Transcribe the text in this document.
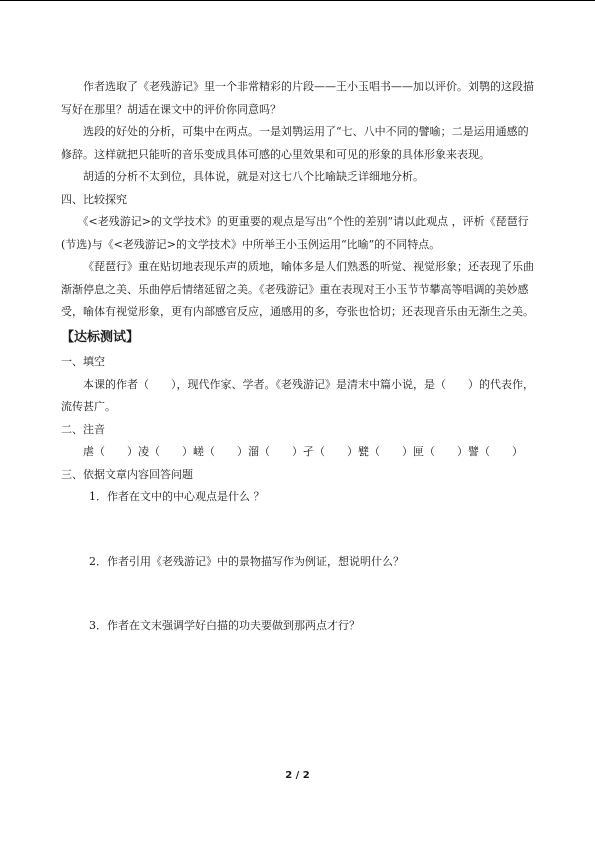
作者选取了《老残游记》里一个非常精彩的片段——王小玉唱书——加以评价。刘鹗的这段描写好在那里？胡适在课文中的评价你同意吗？

选段的好处的分析，可集中在两点。一是刘鹗运用了“七、八中不同的譬喻；二是运用通感的修辞。这样就把只能听的音乐变成具体可感的心里效果和可见的形象的具体形象来表现。

胡适的分析不太到位，具体说，就是对这七八个比喻缺乏详细地分析。

四、比较探究

《<老残游记>的文学技术》的更重要的观点是写出“个性的差别”请以此观点 ，评析《琵琶行(节选)与《<老残游记>的文学技术》中所举王小玉例运用“比喻”的不同特点。

《琵琶行》重在贴切地表现乐声的质地，喻体多是人们熟悉的听觉、视觉形象；还表现了乐曲渐渐停息之美、乐曲停后情绪延留之美。《老残游记》重在表现对王小玉节节攀高等唱调的美妙感受，喻体有视觉形象，更有内部感官反应，通感用的多，夸张也恰切；还表现音乐由无渐生之美。

【达标测试】

一、填空

本课的作者（　　），现代作家、学者。《老残游记》是清末中篇小说，是（　　）的代表作，流传甚广。

二、注音

虐（　　）凌（　　）嵯（　　）溜（　　）孑（　　）甓（　　）匣（　　）譬（　　）

三、依据文章内容回答问题

1．作者在文中的中心观点是什么 ？

2．作者引用《老残游记》中的景物描写作为例证，想说明什么？

3．作者在文末强调学好白描的功夫要做到那两点才行？

2 / 2
